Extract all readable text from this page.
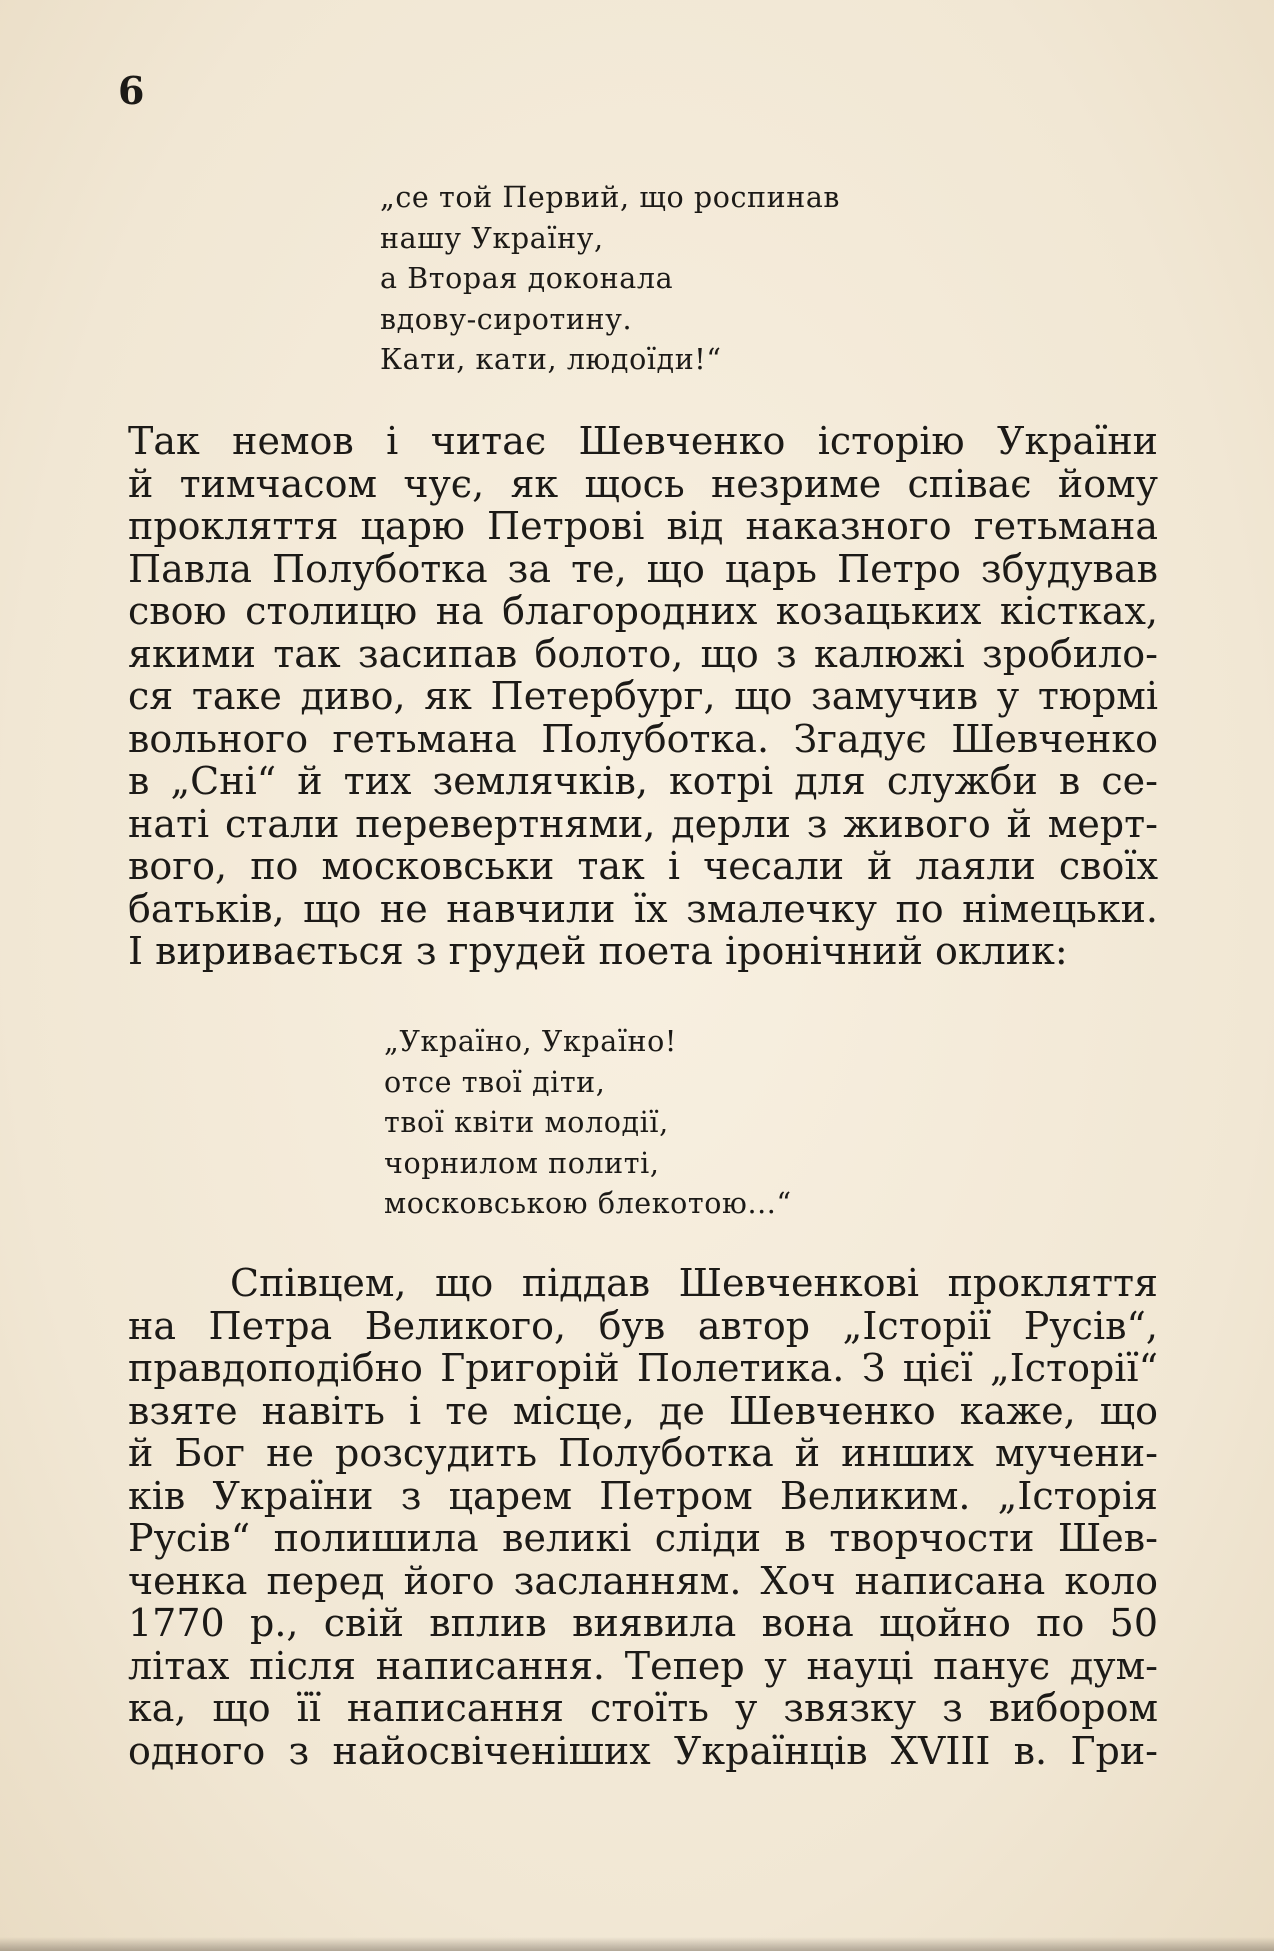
6
„се той Первий, що роспинав
нашу Україну,
а Вторая доконала
вдову-сиротину.
Кати, кати, людоїди!“
Так немов і читає Шевченко історію України
й тимчасом чує, як щось незриме співає йому
прокляття царю Петрові від наказного гетьмана
Павла Полуботка за те, що царь Петро збудував
свою столицю на благородних козацьких кістках,
якими так засипав болото, що з калюжі зробило-
ся таке диво, як Петербург, що замучив у тюрмі
вольного гетьмана Полуботка. Згадує Шевченко
в „Сні“ й тих землячків, котрі для служби в се-
наті стали перевертнями, дерли з живого й мерт-
вого, по московськи так і чесали й лаяли своїх
батьків, що не навчили їх змалечку по німецьки.
І виривається з грудей поета іронічний оклик:
„Україно, Україно!
отсе твої діти,
твої квіти молодії,
чорнилом политі,
московською блекотою...“
Співцем, що піддав Шевченкові прокляття
на Петра Великого, був автор „Історії Русів“,
правдоподібно Григорій Полетика. З цієї „Історії“
взяте навіть і те місце, де Шевченко каже, що
й Бог не розсудить Полуботка й инших мучени-
ків України з царем Петром Великим. „Історія
Русів“ полишила великі сліди в творчости Шев-
ченка перед його засланням. Хоч написана коло
1770 р., свій вплив виявила вона щойно по 50
літах після написання. Тепер у науці панує дум-
ка, що її написання стоїть у звязку з вибором
одного з найосвіченіших Українців XVIII в. Гри-
